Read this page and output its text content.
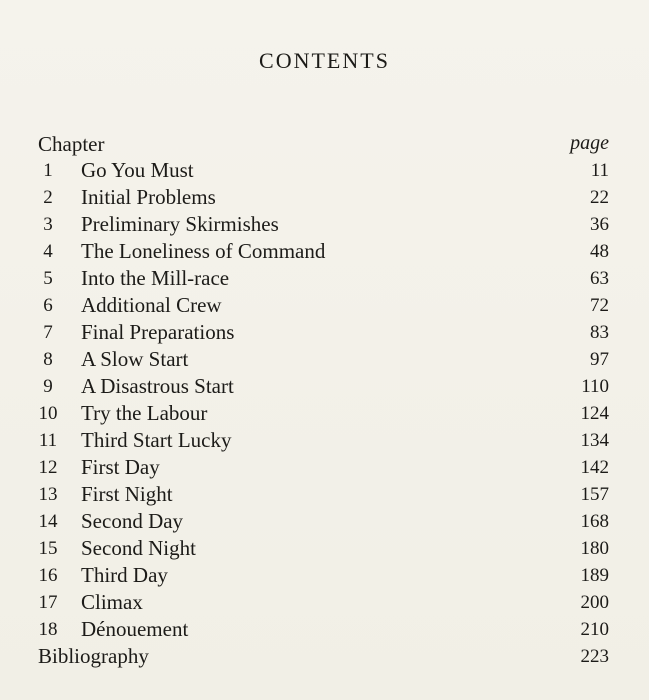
CONTENTS
Chapter	page
1	Go You Must	11
2	Initial Problems	22
3	Preliminary Skirmishes	36
4	The Loneliness of Command	48
5	Into the Mill-race	63
6	Additional Crew	72
7	Final Preparations	83
8	A Slow Start	97
9	A Disastrous Start	110
10	Try the Labour	124
11	Third Start Lucky	134
12	First Day	142
13	First Night	157
14	Second Day	168
15	Second Night	180
16	Third Day	189
17	Climax	200
18	Dénouement	210
Bibliography	223
